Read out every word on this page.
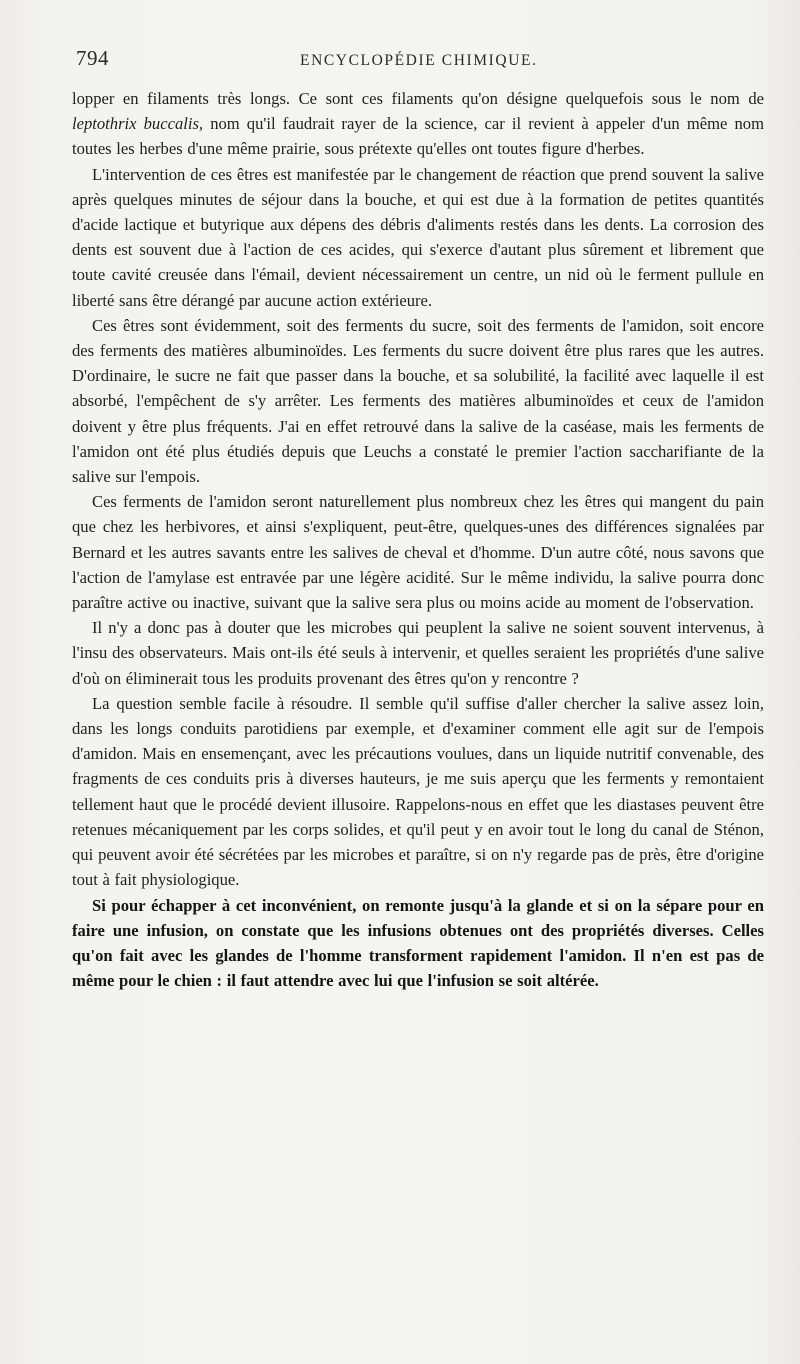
794	ENCYCLOPÉDIE CHIMIQUE.

lopper en filaments très longs. Ce sont ces filaments qu'on désigne quelquefois sous le nom de leptothrix buccalis, nom qu'il faudrait rayer de la science, car il revient à appeler d'un même nom toutes les herbes d'une même prairie, sous prétexte qu'elles ont toutes figure d'herbes.

L'intervention de ces êtres est manifestée par le changement de réaction que prend souvent la salive après quelques minutes de séjour dans la bouche, et qui est due à la formation de petites quantités d'acide lactique et butyrique aux dépens des débris d'aliments restés dans les dents. La corrosion des dents est souvent due à l'action de ces acides, qui s'exerce d'autant plus sûrement et librement que toute cavité creusée dans l'émail, devient nécessairement un centre, un nid où le ferment pullule en liberté sans être dérangé par aucune action extérieure.

Ces êtres sont évidemment, soit des ferments du sucre, soit des ferments de l'amidon, soit encore des ferments des matières albuminoïdes. Les ferments du sucre doivent être plus rares que les autres. D'ordinaire, le sucre ne fait que passer dans la bouche, et sa solubilité, la facilité avec laquelle il est absorbé, l'empêchent de s'y arrêter. Les ferments des matières albuminoïdes et ceux de l'amidon doivent y être plus fréquents. J'ai en effet retrouvé dans la salive de la caséase, mais les ferments de l'amidon ont été plus étudiés depuis que Leuchs a constaté le premier l'action saccharifiante de la salive sur l'empois.

Ces ferments de l'amidon seront naturellement plus nombreux chez les êtres qui mangent du pain que chez les herbivores, et ainsi s'expliquent, peut-être, quelques-unes des différences signalées par Bernard et les autres savants entre les salives de cheval et d'homme. D'un autre côté, nous savons que l'action de l'amylase est entravée par une légère acidité. Sur le même individu, la salive pourra donc paraître active ou inactive, suivant que la salive sera plus ou moins acide au moment de l'observation.

Il n'y a donc pas à douter que les microbes qui peuplent la salive ne soient souvent intervenus, à l'insu des observateurs. Mais ont-ils été seuls à intervenir, et quelles seraient les propriétés d'une salive d'où on éliminerait tous les produits provenant des êtres qu'on y rencontre ?

La question semble facile à résoudre. Il semble qu'il suffise d'aller chercher la salive assez loin, dans les longs conduits parotidiens par exemple, et d'examiner comment elle agit sur de l'empois d'amidon. Mais en ensemençant, avec les précautions voulues, dans un liquide nutritif convenable, des fragments de ces conduits pris à diverses hauteurs, je me suis aperçu que les ferments y remontaient tellement haut que le procédé devient illusoire. Rappelons-nous en effet que les diastases peuvent être retenues mécaniquement par les corps solides, et qu'il peut y en avoir tout le long du canal de Sténon, qui peuvent avoir été sécrétées par les microbes et paraître, si on n'y regarde pas de près, être d'origine tout à fait physiologique.

Si pour échapper à cet inconvénient, on remonte jusqu'à la glande et si on la sépare pour en faire une infusion, on constate que les infusions obtenues ont des propriétés diverses. Celles qu'on fait avec les glandes de l'homme transforment rapidement l'amidon. Il n'en est pas de même pour le chien : il faut attendre avec lui que l'infusion se soit altérée.
